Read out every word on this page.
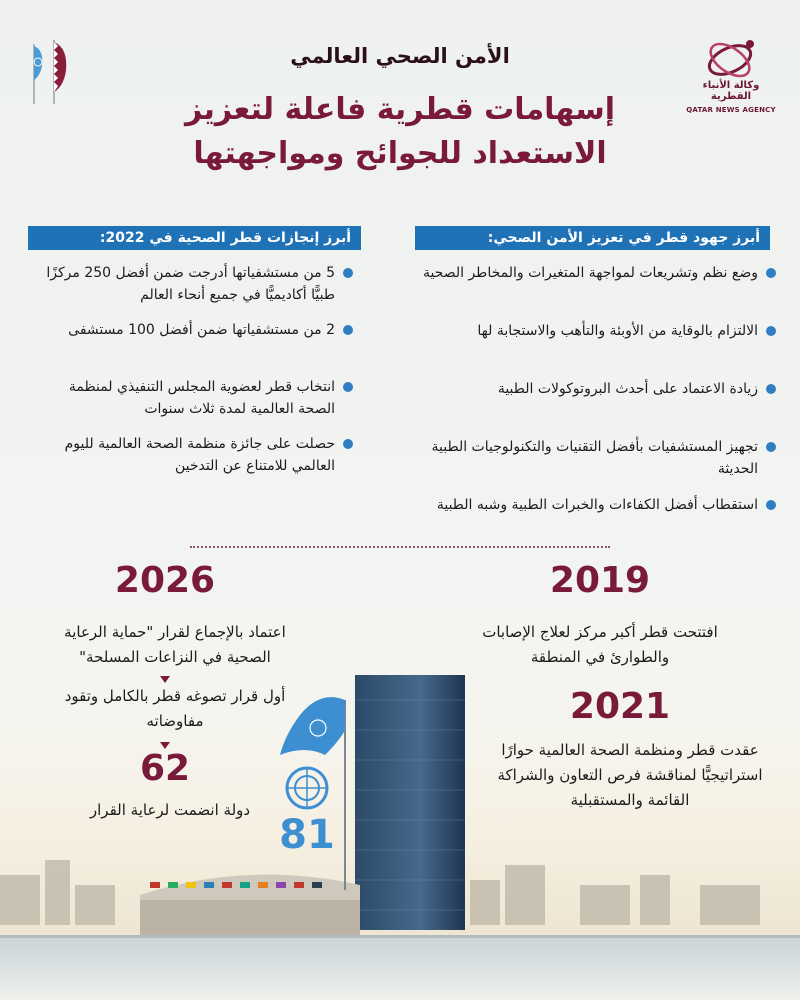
الأمن الصحي العالمي
إسهامات قطرية فاعلة لتعزيز
الاستعداد للجوائح ومواجهتها
وكالة الأنباء القطرية
QATAR NEWS AGENCY
أبرز جهود قطر في تعزيز الأمن الصحي:
وضع نظم وتشريعات لمواجهة المتغيرات والمخاطر الصحية
الالتزام بالوقاية من الأوبئة والتأهب والاستجابة لها
زيادة الاعتماد على أحدث البروتوكولات الطبية
تجهيز المستشفيات بأفضل التقنيات والتكنولوجيات الطبية الحديثة
استقطاب أفضل الكفاءات والخبرات الطبية وشبه الطبية
أبرز إنجازات قطر الصحية في 2022:
5 من مستشفياتها أدرجت ضمن أفضل 250 مركزًا طبيًّا أكاديميًّا في جميع أنحاء العالم
2 من مستشفياتها ضمن أفضل 100 مستشفى
انتخاب قطر لعضوية المجلس التنفيذي لمنظمة الصحة العالمية لمدة ثلاث سنوات
حصلت على جائزة منظمة الصحة العالمية لليوم العالمي للامتناع عن التدخين
81
2019
افتتحت قطر أكبر مركز لعلاج الإصابات والطوارئ في المنطقة
2021
عقدت قطر ومنظمة الصحة العالمية حوارًا استراتيجيًّا لمناقشة فرص التعاون والشراكة القائمة والمستقبلية
2026
اعتماد بالإجماع لقرار "حماية الرعاية الصحية في النزاعات المسلحة"
أول قرار تصوغه قطر بالكامل وتقود مفاوضاته
62
دولة انضمت لرعاية القرار
